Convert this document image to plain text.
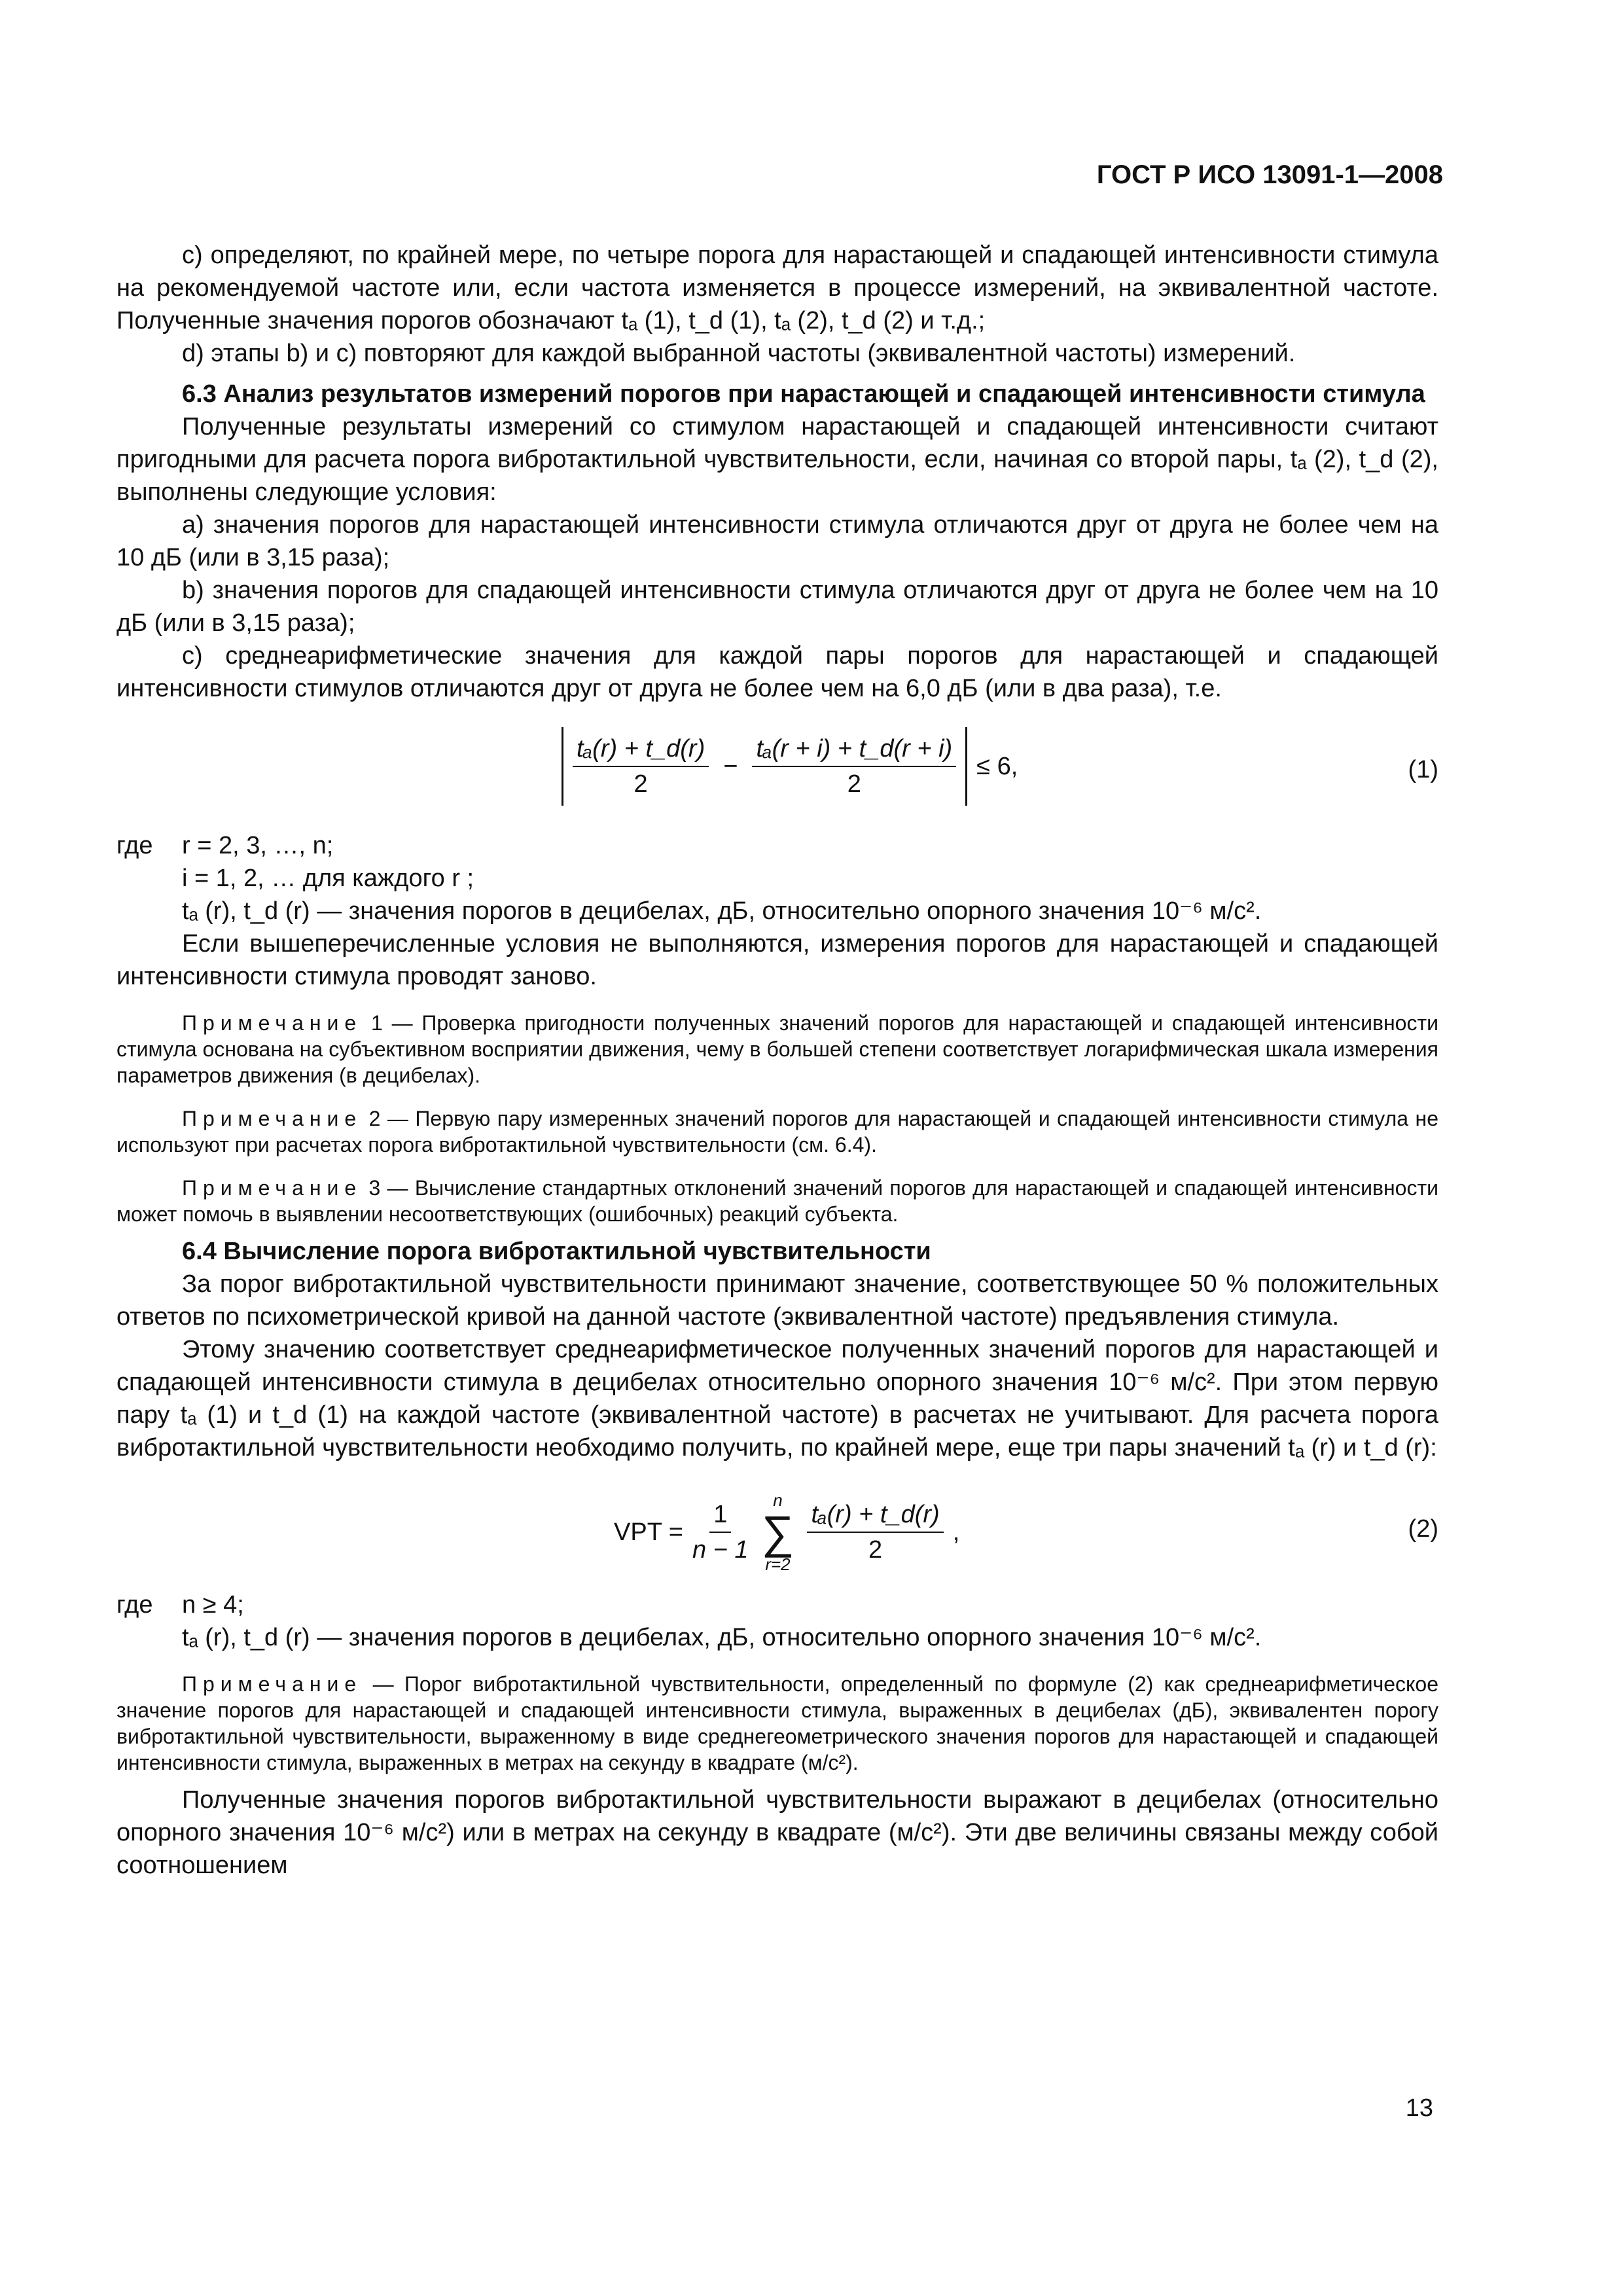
ГОСТ Р ИСО 13091-1—2008

c) определяют, по крайней мере, по четыре порога для нарастающей и спадающей интенсивности стимула на рекомендуемой частоте или, если частота изменяется в процессе измерений, на эквивалентной частоте. Полученные значения порогов обозначают tₐ (1), t_d (1), tₐ (2), t_d (2) и т.д.;

d) этапы b) и c) повторяют для каждой выбранной частоты (эквивалентной частоты) измерений.

6.3 Анализ результатов измерений порогов при нарастающей и спадающей интенсивности стимула

Полученные результаты измерений со стимулом нарастающей и спадающей интенсивности считают пригодными для расчета порога вибротактильной чувствительности, если, начиная со второй пары, tₐ (2), t_d (2), выполнены следующие условия:

a) значения порогов для нарастающей интенсивности стимула отличаются друг от друга не более чем на 10 дБ (или в 3,15 раза);

b) значения порогов для спадающей интенсивности стимула отличаются друг от друга не более чем на 10 дБ (или в 3,15 раза);

c) среднеарифметические значения для каждой пары порогов для нарастающей и спадающей интенсивности стимулов отличаются друг от друга не более чем на 6,0 дБ (или в два раза), т.е.

$\frac{\text{tₐ(r) + t\_d(r)}}{2} - \frac{\text{tₐ(r + i) + t\_d(r + i)}}{2} \le 6$,	(1)
где	r = 2, 3, …, n;

i = 1, 2, … для каждого r ;

tₐ (r), t_d (r) — значения порогов в децибелах, дБ, относительно опорного значения 10⁻⁶ м/с².

Если вышеперечисленные условия не выполняются, измерения порогов для нарастающей и спадающей интенсивности стимула проводят заново.

Примечание 1 — Проверка пригодности полученных значений порогов для нарастающей и спадающей интенсивности стимула основана на субъективном восприятии движения, чему в большей степени соответствует логарифмическая шкала измерения параметров движения (в децибелах).

Примечание 2 — Первую пару измеренных значений порогов для нарастающей и спадающей интенсивности стимула не используют при расчетах порога вибротактильной чувствительности (см. 6.4).

Примечание 3 — Вычисление стандартных отклонений значений порогов для нарастающей и спадающей интенсивности может помочь в выявлении несоответствующих (ошибочных) реакций субъекта.

6.4 Вычисление порога вибротактильной чувствительности

За порог вибротактильной чувствительности принимают значение, соответствующее 50 % положительных ответов по психометрической кривой на данной частоте (эквивалентной частоте) предъявления стимула.

Этому значению соответствует среднеарифметическое полученных значений порогов для нарастающей и спадающей интенсивности стимула в децибелах относительно опорного значения 10⁻⁶ м/с². При этом первую пару tₐ (1) и t_d (1) на каждой частоте (эквивалентной частоте) в расчетах не учитывают. Для расчета порога вибротактильной чувствительности необходимо получить, по крайней мере, еще три пары значений tₐ (r) и t_d (r):

VPT = $\frac{1}{n - 1}$ n
∑
$r=2 \frac{\text{tₐ(r) + t\_d(r)}}{2}$ ,	(2)
где	n ≥ 4;

tₐ (r), t_d (r) — значения порогов в децибелах, дБ, относительно опорного значения 10⁻⁶ м/с².

Примечание — Порог вибротактильной чувствительности, определенный по формуле (2) как среднеарифметическое значение порогов для нарастающей и спадающей интенсивности стимула, выраженных в децибелах (дБ), эквивалентен порогу вибротактильной чувствительности, выраженному в виде среднегеометрического значения порогов для нарастающей и спадающей интенсивности стимула, выраженных в метрах на секунду в квадрате (м/с²).

Полученные значения порогов вибротактильной чувствительности выражают в децибелах (относительно опорного значения 10⁻⁶ м/с²) или в метрах на секунду в квадрате (м/с²). Эти две величины связаны между собой соотношением

13
